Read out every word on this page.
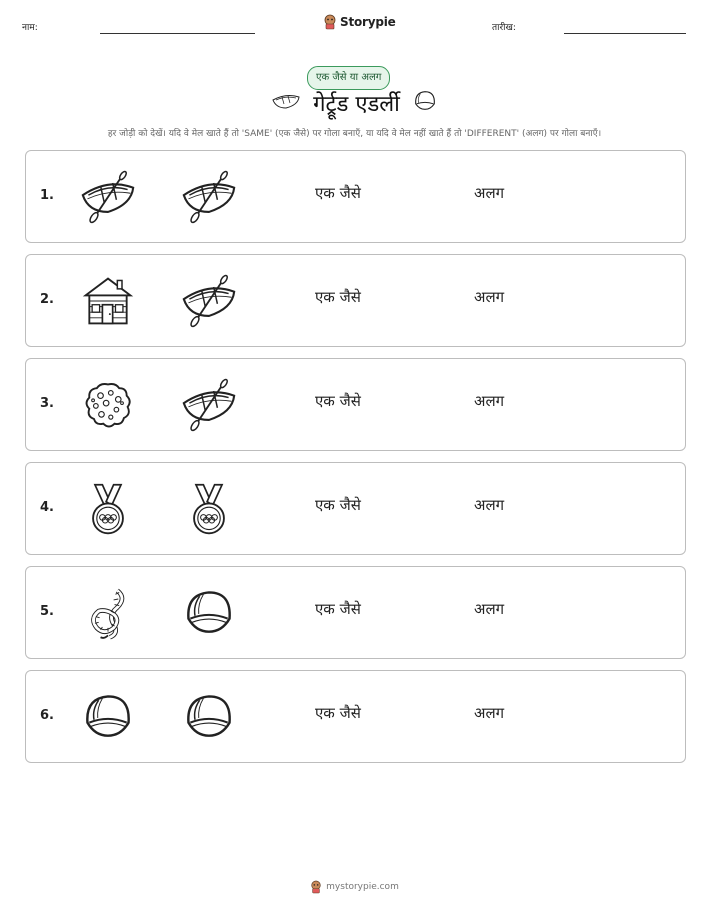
नाम:	Storypie	तारीख:
एक जैसे या अलग
गेर्ट्रूड एडर्ली
हर जोड़ी को देखें। यदि वे मेल खाते हैं तो 'SAME' (एक जैसे) पर गोला बनाएँ, या यदि वे मेल नहीं खाते हैं तो 'DIFFERENT' (अलग) पर गोला बनाएँ।
1.	एक जैसे	अलग
2.	एक जैसे	अलग
3.	एक जैसे	अलग
4.	एक जैसे	अलग
5.	एक जैसे	अलग
6.	एक जैसे	अलग
mystorypie.com
